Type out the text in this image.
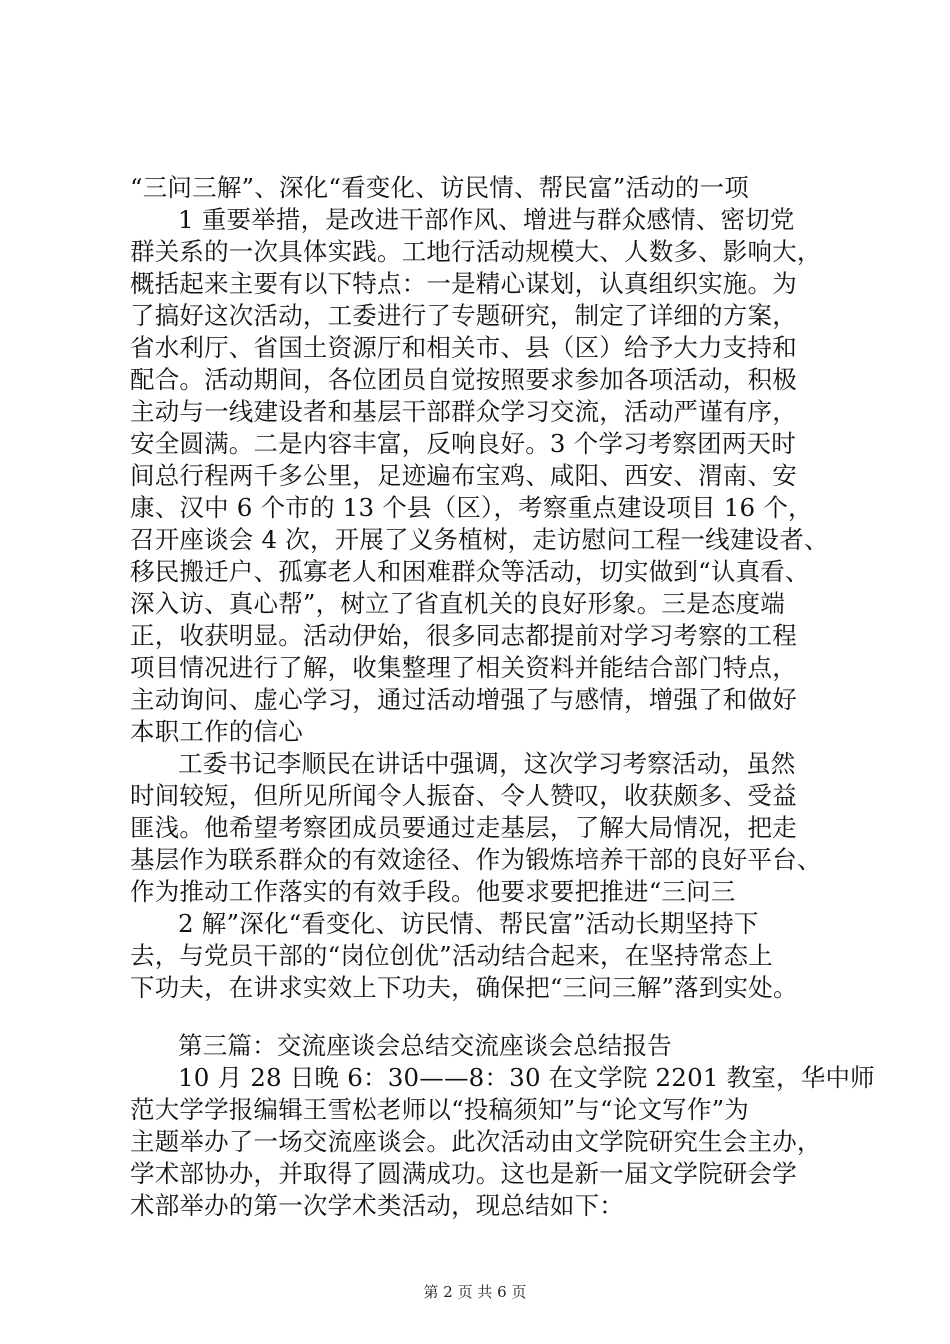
“三问三解”、深化“看变化、访民情、帮民富”活动的一项
1 重要举措，是改进干部作风、增进与群众感情、密切党
群关系的一次具体实践。工地行活动规模大、人数多、影响大，
概括起来主要有以下特点：一是精心谋划，认真组织实施。为
了搞好这次活动，工委进行了专题研究，制定了详细的方案，
省水利厅、省国土资源厅和相关市、县（区）给予大力支持和
配合。活动期间，各位团员自觉按照要求参加各项活动，积极
主动与一线建设者和基层干部群众学习交流，活动严谨有序，
安全圆满。二是内容丰富，反响良好。3 个学习考察团两天时
间总行程两千多公里，足迹遍布宝鸡、咸阳、西安、渭南、安
康、汉中 6 个市的 13 个县（区），考察重点建设项目 16 个，
召开座谈会 4 次，开展了义务植树，走访慰问工程一线建设者、
移民搬迁户、孤寡老人和困难群众等活动，切实做到“认真看、
深入访、真心帮”，树立了省直机关的良好形象。三是态度端
正，收获明显。活动伊始，很多同志都提前对学习考察的工程
项目情况进行了解，收集整理了相关资料并能结合部门特点，
主动询问、虚心学习，通过活动增强了与感情，增强了和做好
本职工作的信心
工委书记李顺民在讲话中强调，这次学习考察活动，虽然
时间较短，但所见所闻令人振奋、令人赞叹，收获颇多、受益
匪浅。他希望考察团成员要通过走基层，了解大局情况，把走
基层作为联系群众的有效途径、作为锻炼培养干部的良好平台、
作为推动工作落实的有效手段。他要求要把推进“三问三
2 解”深化“看变化、访民情、帮民富”活动长期坚持下
去，与党员干部的“岗位创优”活动结合起来，在坚持常态上
下功夫，在讲求实效上下功夫，确保把“三问三解”落到实处。
第三篇：交流座谈会总结交流座谈会总结报告
10 月 28 日晚 6：30——8：30 在文学院 2201 教室，华中师
范大学学报编辑王雪松老师以“投稿须知”与“论文写作”为
主题举办了一场交流座谈会。此次活动由文学院研究生会主办，
学术部协办，并取得了圆满成功。这也是新一届文学院研会学
术部举办的第一次学术类活动，现总结如下：
第 2 页 共 6 页
